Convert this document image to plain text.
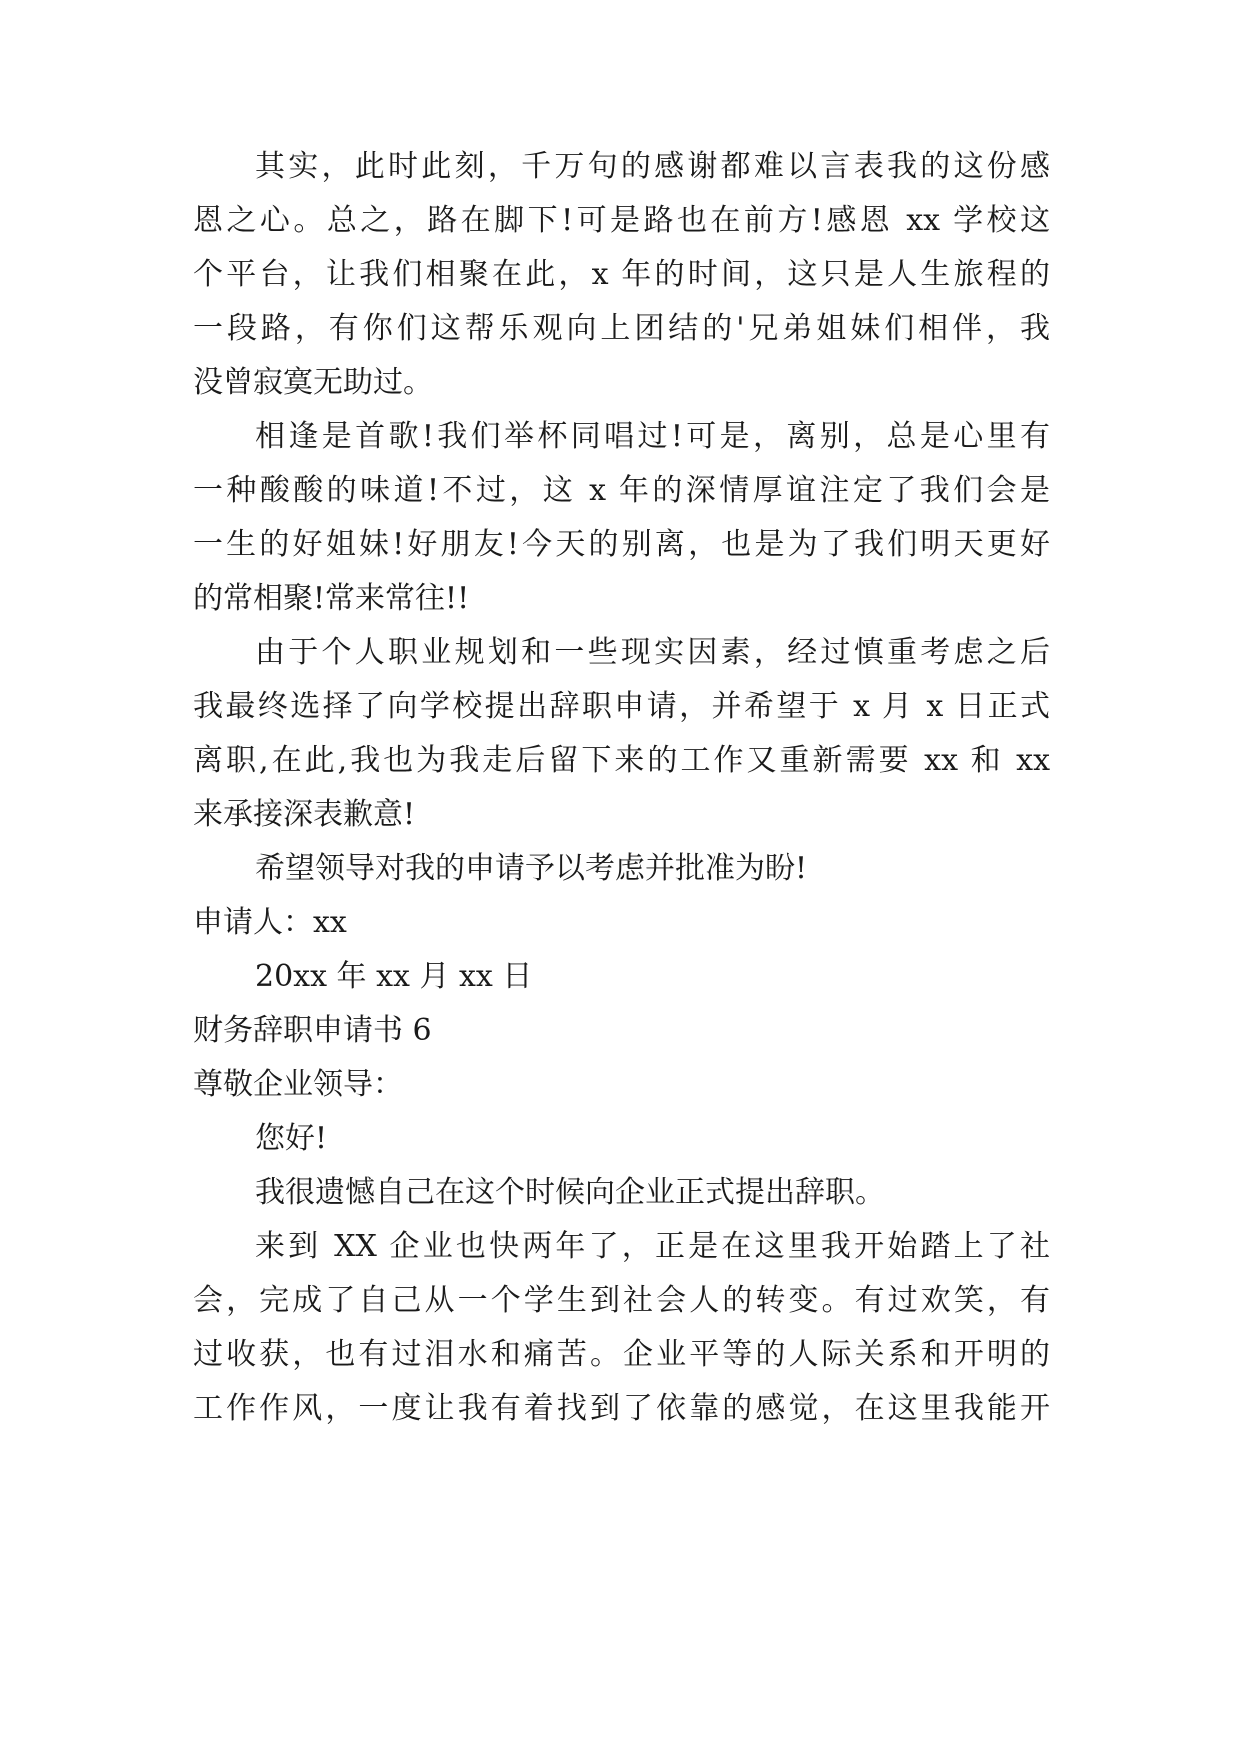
其实，此时此刻，千万句的感谢都难以言表我的这份感
恩之心。总之，路在脚下!可是路也在前方!感恩 xx 学校这
个平台，让我们相聚在此，x 年的时间，这只是人生旅程的
一段路，有你们这帮乐观向上团结的'兄弟姐妹们相伴，我
没曾寂寞无助过。
相逢是首歌!我们举杯同唱过!可是，离别，总是心里有
一种酸酸的味道!不过，这 x 年的深情厚谊注定了我们会是
一生的好姐妹!好朋友!今天的别离，也是为了我们明天更好
的常相聚!常来常往!!
由于个人职业规划和一些现实因素，经过慎重考虑之后
我最终选择了向学校提出辞职申请，并希望于 x 月 x 日正式
离职,在此,我也为我走后留下来的工作又重新需要 xx 和 xx
来承接深表歉意!
希望领导对我的申请予以考虑并批准为盼!
申请人：xx
20xx 年 xx 月 xx 日
财务辞职申请书 6
尊敬企业领导：
您好!
我很遗憾自己在这个时候向企业正式提出辞职。
来到 XX 企业也快两年了，正是在这里我开始踏上了社
会，完成了自己从一个学生到社会人的转变。有过欢笑，有
过收获，也有过泪水和痛苦。企业平等的人际关系和开明的
工作作风，一度让我有着找到了依靠的感觉，在这里我能开
